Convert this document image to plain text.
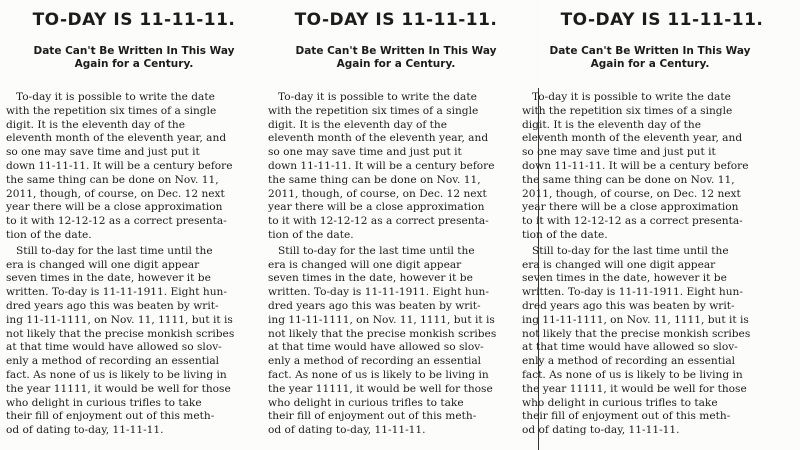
TO-DAY IS 11-11-11.
Date Can't Be Written In This Way
Again for a Century.

To-day it is possible to write the date
with the repetition six times of a single
digit. It is the eleventh day of the
eleventh month of the eleventh year, and
so one may save time and just put it
down 11-11-11. It will be a century before
the same thing can be done on Nov. 11,
2011, though, of course, on Dec. 12 next
year there will be a close approximation
to it with 12-12-12 as a correct presenta-
tion of the date.

Still to-day for the last time until the
era is changed will one digit appear
seven times in the date, however it be
written. To-day is 11-11-1911. Eight hun-
dred years ago this was beaten by writ-
ing 11-11-1111, on Nov. 11, 1111, but it is
not likely that the precise monkish scribes
at that time would have allowed so slov-
enly a method of recording an essential
fact. As none of us is likely to be living in
the year 11111, it would be well for those
who delight in curious trifles to take
their fill of enjoyment out of this meth-
od of dating to-day, 11-11-11.

TO-DAY IS 11-11-11.
Date Can't Be Written In This Way
Again for a Century.

To-day it is possible to write the date
with the repetition six times of a single
digit. It is the eleventh day of the
eleventh month of the eleventh year, and
so one may save time and just put it
down 11-11-11. It will be a century before
the same thing can be done on Nov. 11,
2011, though, of course, on Dec. 12 next
year there will be a close approximation
to it with 12-12-12 as a correct presenta-
tion of the date.

Still to-day for the last time until the
era is changed will one digit appear
seven times in the date, however it be
written. To-day is 11-11-1911. Eight hun-
dred years ago this was beaten by writ-
ing 11-11-1111, on Nov. 11, 1111, but it is
not likely that the precise monkish scribes
at that time would have allowed so slov-
enly a method of recording an essential
fact. As none of us is likely to be living in
the year 11111, it would be well for those
who delight in curious trifles to take
their fill of enjoyment out of this meth-
od of dating to-day, 11-11-11.

TO-DAY IS 11-11-11.
Date Can't Be Written In This Way
Again for a Century.

To-day it is possible to write the date
with the repetition six times of a single
digit. It is the eleventh day of the
eleventh month of the eleventh year, and
so one may save time and just put it
down 11-11-11. It will be a century before
the same thing can be done on Nov. 11,
2011, though, of course, on Dec. 12 next
year there will be a close approximation
to it with 12-12-12 as a correct presenta-
tion of the date.

Still to-day for the last time until the
era is changed will one digit appear
seven times in the date, however it be
written. To-day is 11-11-1911. Eight hun-
dred years ago this was beaten by writ-
ing 11-11-1111, on Nov. 11, 1111, but it is
not likely that the precise monkish scribes
at that time would have allowed so slov-
enly a method of recording an essential
fact. As none of us is likely to be living in
the year 11111, it would be well for those
who delight in curious trifles to take
their fill of enjoyment out of this meth-
od of dating to-day, 11-11-11.
